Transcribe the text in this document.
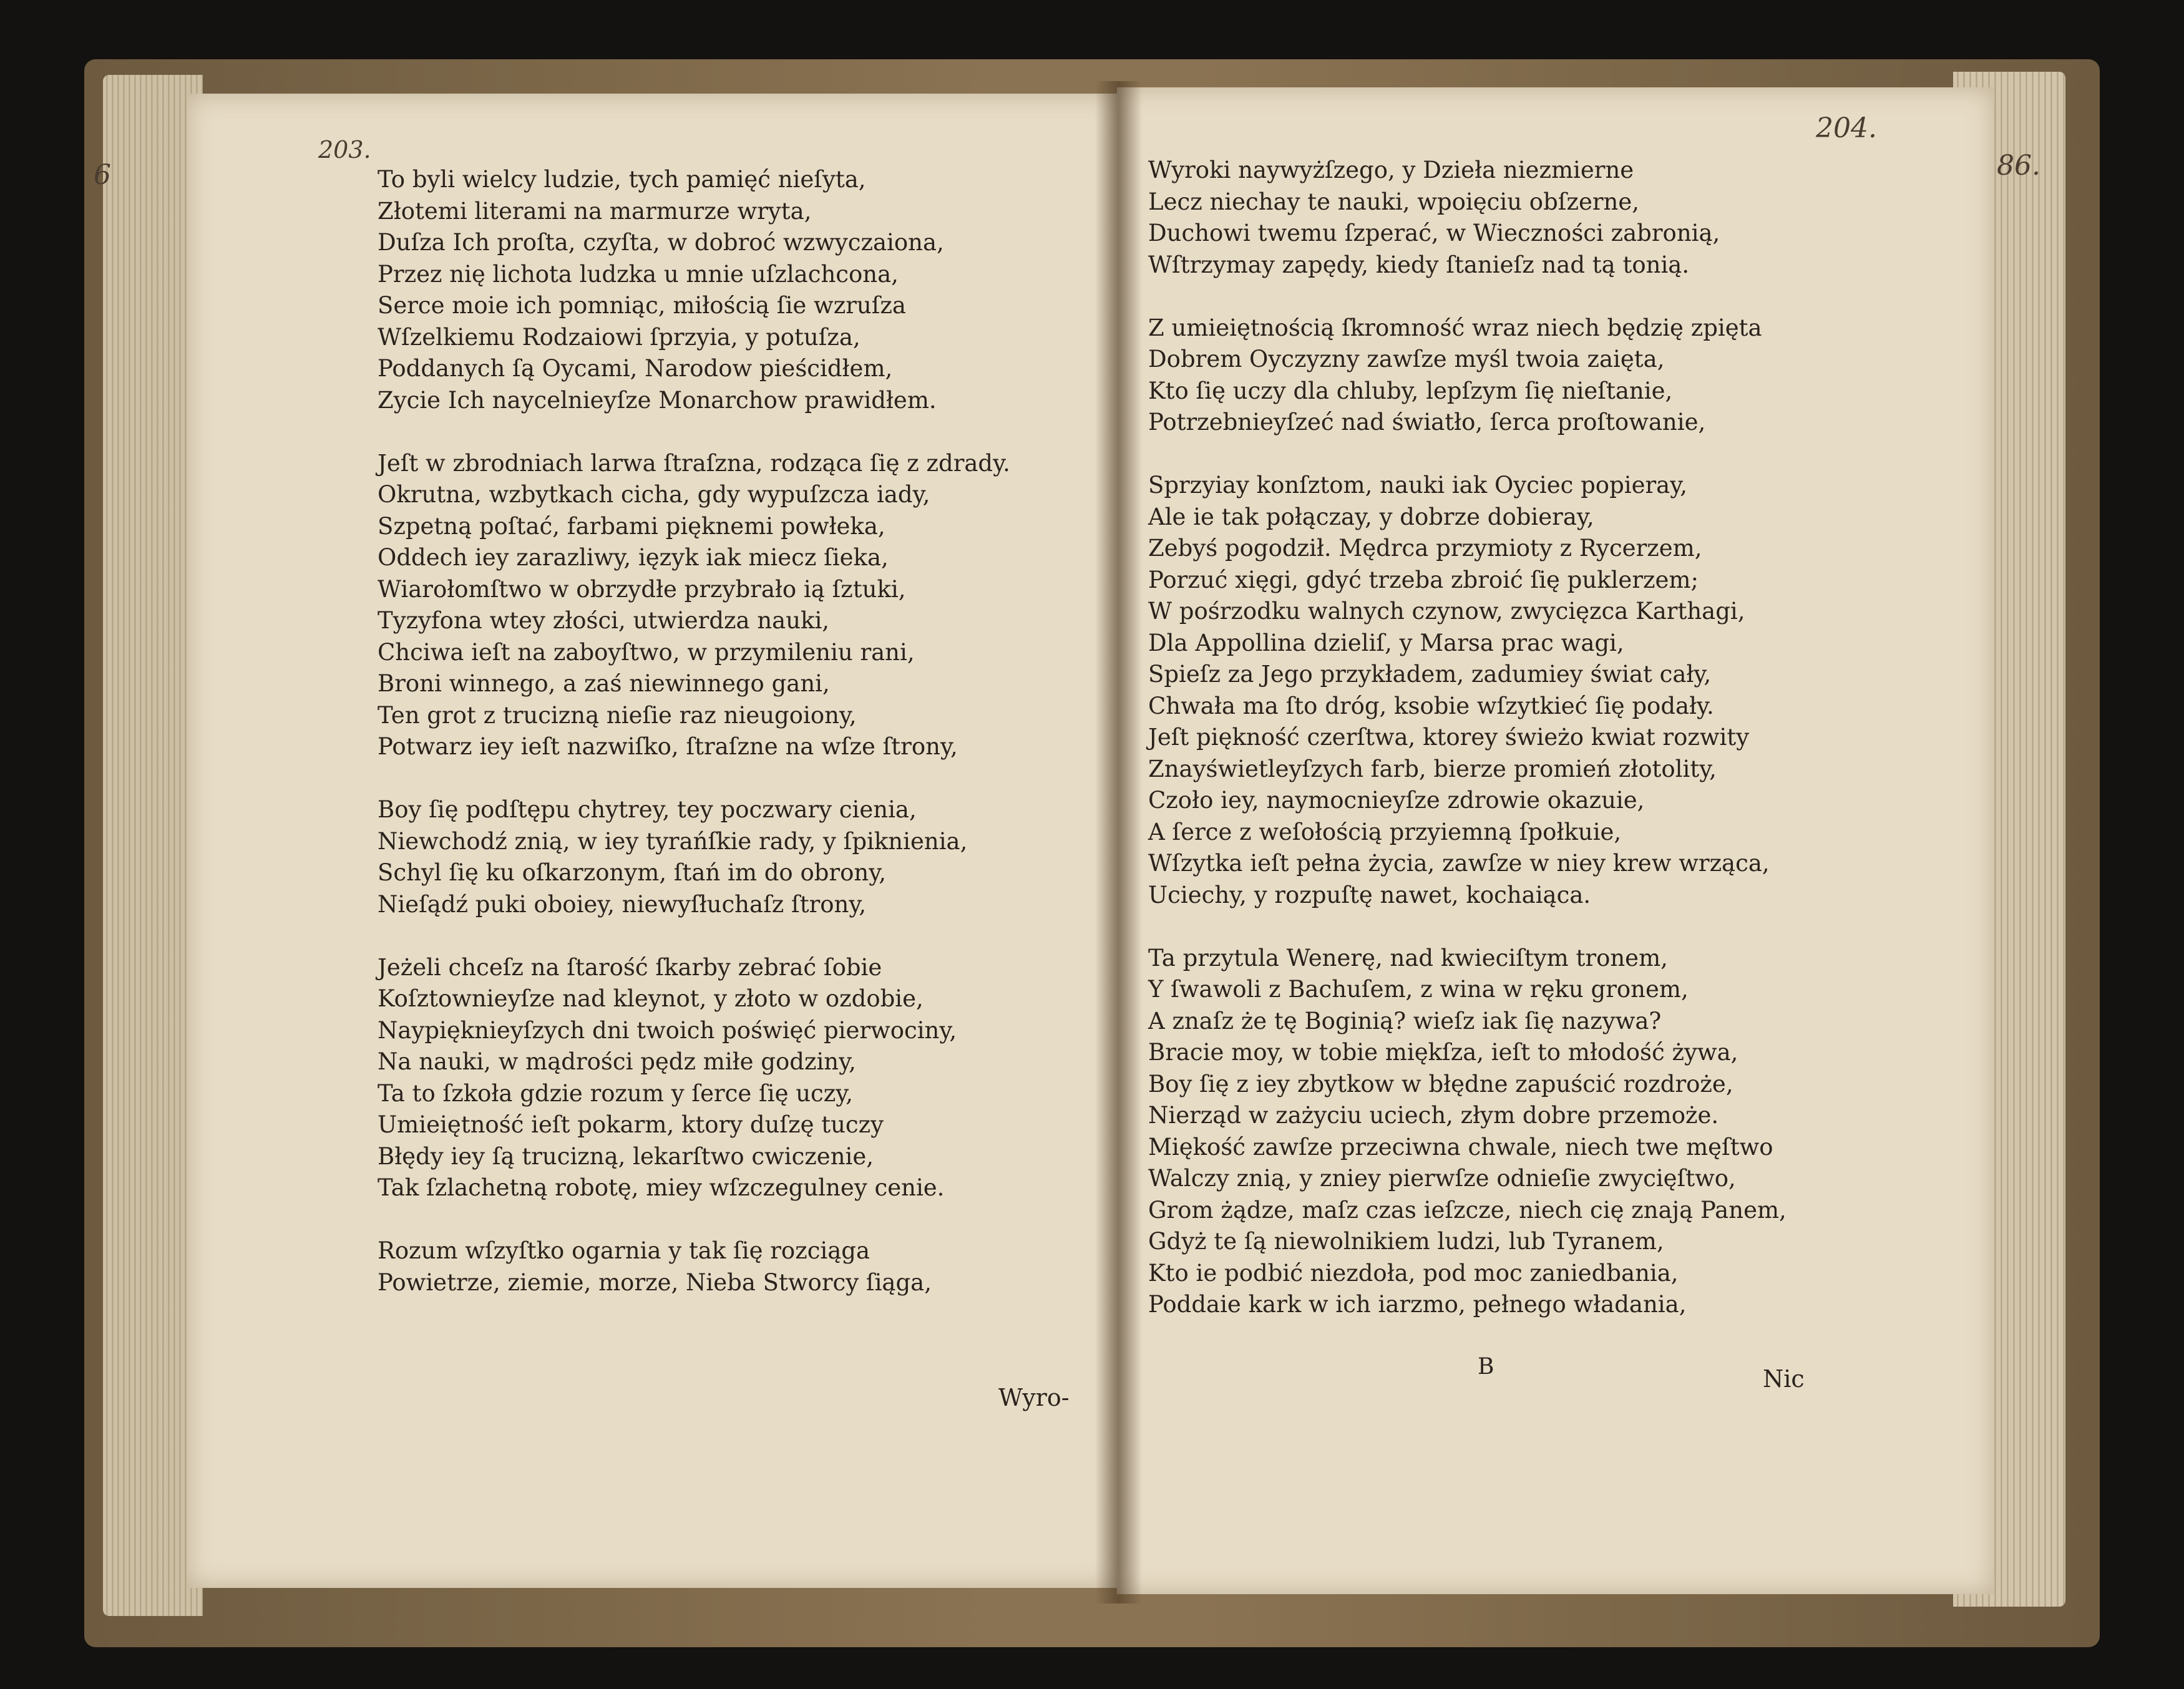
6	86.
203.
204.
To byli wielcy ludzie, tych pamięć nieſyta,
Złotemi literami na marmurze wryta,
Duſza Ich proſta, czyſta, w dobroć wzwyczaiona,
Przez nię lichota ludzka u mnie uſzlachcona,
Serce moie ich pomniąc, miłością ſie wzruſza
Wſzelkiemu Rodzaiowi ſprzyia, y potuſza,
Poddanych ſą Oycami, Narodow pieścidłem,
Zycie Ich naycelnieyſze Monarchow prawidłem.
Jeſt w zbrodniach larwa ſtraſzna, rodząca ſię z zdrady.
Okrutna, wzbytkach cicha, gdy wypuſzcza iady,
Szpetną poſtać, farbami pięknemi powłeka,
Oddech iey zarazliwy, ięzyk iak miecz ſieka,
Wiarołomſtwo w obrzydłe przybrało ią ſztuki,
Tyzyfona wtey złości, utwierdza nauki,
Chciwa ieſt na zaboyſtwo, w przymileniu rani,
Broni winnego, a zaś niewinnego gani,
Ten grot z trucizną nieſie raz nieugoiony,
Potwarz iey ieſt nazwiſko, ſtraſzne na wſze ſtrony,
Boy ſię podſtępu chytrey, tey poczwary cienia,
Niewchodź znią, w iey tyrańſkie rady, y ſpiknienia,
Schyl ſię ku oſkarzonym, ſtań im do obrony,
Nieſądź puki oboiey, niewyſłuchaſz ſtrony,
Jeżeli chceſz na ſtarość ſkarby zebrać ſobie
Koſztownieyſze nad kleynot, y złoto w ozdobie,
Naypięknieyſzych dni twoich poświęć pierwociny,
Na nauki, w mądrości pędz miłe godziny,
Ta to ſzkoła gdzie rozum y ſerce ſię uczy,
Umieiętność ieſt pokarm, ktory duſzę tuczy
Błędy iey ſą trucizną, lekarſtwo cwiczenie,
Tak ſzlachetną robotę, miey wſzczegulney cenie.
Rozum wſzyſtko ogarnia y tak ſię rozciąga
Powietrze, ziemie, morze, Nieba Stworcy ſiąga,
Wyroki naywyżſzego, y Dzieła niezmierne
Lecz niechay te nauki, wpoięciu obſzerne,
Duchowi twemu ſzperać, w Wieczności zabronią,
Wſtrzymay zapędy, kiedy ſtanieſz nad tą tonią.
Z umieiętnością ſkromność wraz niech będzię zpięta
Dobrem Oyczyzny zawſze myśl twoia zaięta,
Kto ſię uczy dla chluby, lepſzym ſię nieſtanie,
Potrzebnieyſzeć nad światło, ſerca proſtowanie,
Sprzyiay konſztom, nauki iak Oyciec popieray,
Ale ie tak połączay, y dobrze dobieray,
Zebyś pogodził. Mędrca przymioty z Rycerzem,
Porzuć xięgi, gdyć trzeba zbroić ſię puklerzem;
W pośrzodku walnych czynow, zwycięzca Karthagi,
Dla Appollina dzieliſ, y Marsa prac wagi,
Spieſz za Jego przykładem, zadumiey świat cały,
Chwała ma ſto dróg, ksobie wſzytkieć ſię podały.
Jeſt piękność czerſtwa, ktorey świeżo kwiat rozwity
Znayświetleyſzych farb, bierze promień złotolity,
Czoło iey, naymocnieyſze zdrowie okazuie,
A ſerce z weſołością przyiemną ſpołkuie,
Wſzytka ieſt pełna życia, zawſze w niey krew wrząca,
Uciechy, y rozpuſtę nawet, kochaiąca.
Ta przytula Wenerę, nad kwieciſtym tronem,
Y ſwawoli z Bachuſem, z wina w ręku gronem,
A znaſz że tę Boginią? wieſz iak ſię nazywa?
Bracie moy, w tobie miękſza, ieſt to młodość żywa,
Boy ſię z iey zbytkow w błędne zapuścić rozdroże,
Nierząd w zażyciu uciech, złym dobre przemoże.
Miękość zawſze przeciwna chwale, niech twe męſtwo
Walczy znią, y zniey pierwſze odnieſie zwycięſtwo,
Grom żądze, maſz czas ieſzcze, niech cię znają Panem,
Gdyż te ſą niewolnikiem ludzi, lub Tyranem,
Kto ie podbić niezdoła, pod moc zaniedbania,
Poddaie kark w ich iarzmo, pełnego władania,
Wyro-
B	Nic
